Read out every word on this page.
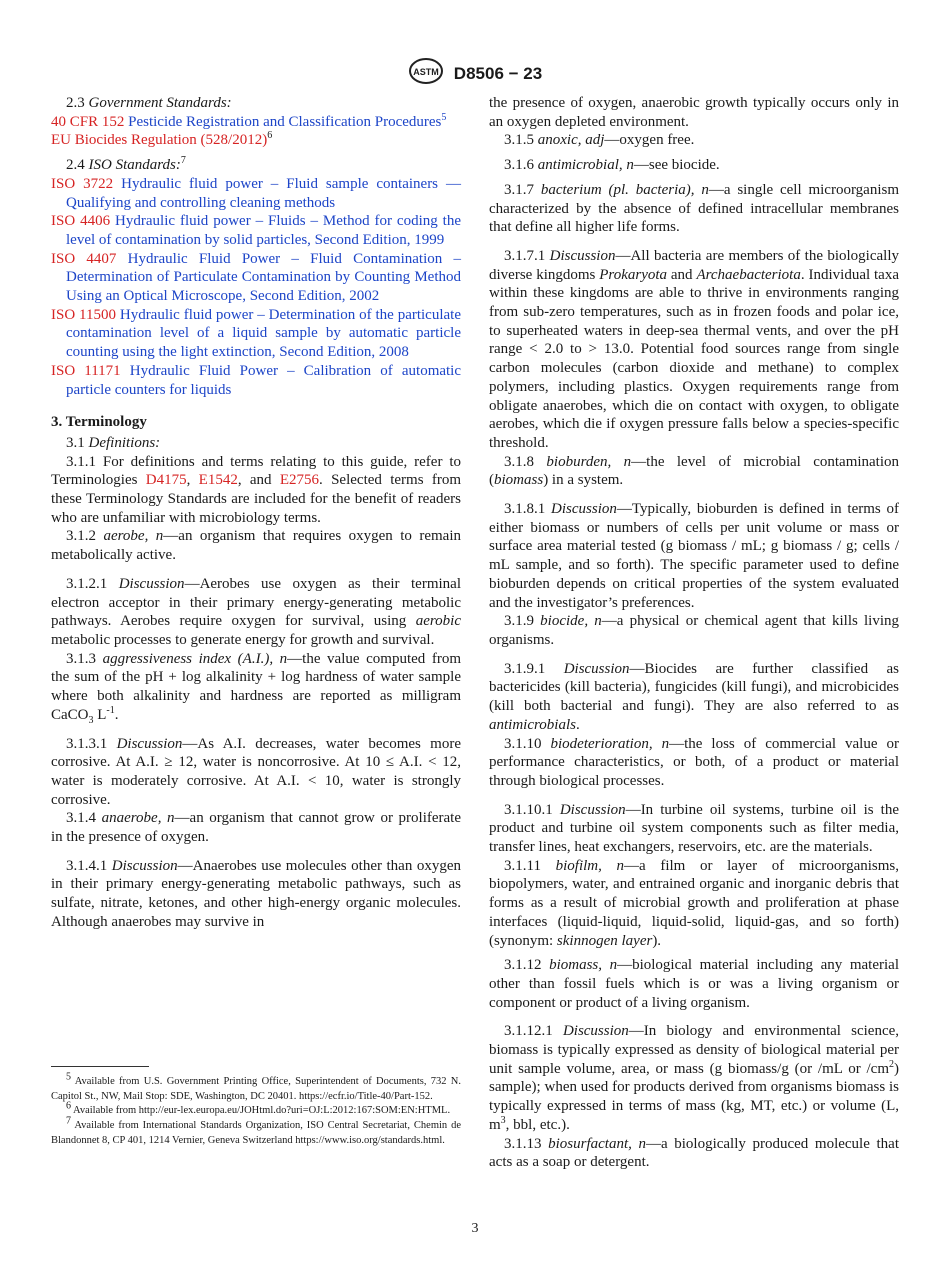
ASTM D8506 − 23

2.3 Government Standards:

40 CFR 152 Pesticide Registration and Classification Procedures$^5$

EU Biocides Regulation $(528/2012)^6$

2.4 ISO Standards:$^7$

ISO 3722 Hydraulic fluid power – Fluid sample containers — Qualifying and controlling cleaning methods

ISO 4406 Hydraulic fluid power – Fluids – Method for coding the level of contamination by solid particles, Second Edition, 1999

ISO 4407 Hydraulic Fluid Power – Fluid Contamination – Determination of Particulate Contamination by Counting Method Using an Optical Microscope, Second Edition, 2002

ISO 11500 Hydraulic fluid power – Determination of the particulate contamination level of a liquid sample by automatic particle counting using the light extinction, Second Edition, 2008

ISO 11171 Hydraulic Fluid Power – Calibration of automatic particle counters for liquids

3. Terminology

3.1 Definitions:

3.1.1 For definitions and terms relating to this guide, refer to Terminologies D4175, E1542, and E2756. Selected terms from these Terminology Standards are included for the benefit of readers who are unfamiliar with microbiology terms.

3.1.2 aerobe, n—an organism that requires oxygen to remain metabolically active.

3.1.2.1 Discussion—Aerobes use oxygen as their terminal electron acceptor in their primary energy-generating metabolic pathways. Aerobes require oxygen for survival, using aerobic metabolic processes to generate energy for growth and survival.

3.1.3 aggressiveness index (A.I.), n—the value computed from the sum of the pH + log alkalinity + log hardness of water sample where both alkalinity and hardness are reported as milligram CaCO$_3$ $L^{-1}$.

3.1.3.1 Discussion—As A.I. decreases, water becomes more corrosive. At A.I. ≥ 12, water is noncorrosive. At 10 ≤ A.I. < 12, water is moderately corrosive. At A.I. < 10, water is strongly corrosive.

3.1.4 anaerobe, n—an organism that cannot grow or proliferate in the presence of oxygen.

3.1.4.1 Discussion—Anaerobes use molecules other than oxygen in their primary energy-generating metabolic pathways, such as sulfate, nitrate, ketones, and other high-energy organic molecules. Although anaerobes may survive in

the presence of oxygen, anaerobic growth typically occurs only in an oxygen depleted environment.

3.1.5 anoxic, adj—oxygen free.

3.1.6 antimicrobial, n—see biocide.

3.1.7 bacterium (pl. bacteria), n—a single cell microorganism characterized by the absence of defined intracellular membranes that define all higher life forms.

3.1.7.1 Discussion—All bacteria are members of the biologically diverse kingdoms Prokaryota and Archaebacteriota. Individual taxa within these kingdoms are able to thrive in environments ranging from sub-zero temperatures, such as in frozen foods and polar ice, to superheated waters in deep-sea thermal vents, and over the pH range < 2.0 to > 13.0. Potential food sources range from single carbon molecules (carbon dioxide and methane) to complex polymers, including plastics. Oxygen requirements range from obligate anaerobes, which die on contact with oxygen, to obligate aerobes, which die if oxygen pressure falls below a species-specific threshold.

3.1.8 bioburden, n—the level of microbial contamination (biomass) in a system.

3.1.8.1 Discussion—Typically, bioburden is defined in terms of either biomass or numbers of cells per unit volume or mass or surface area material tested (g biomass / mL; g biomass / g; cells / mL sample, and so forth). The specific parameter used to define bioburden depends on critical properties of the system evaluated and the investigator’s preferences.

3.1.9 biocide, n—a physical or chemical agent that kills living organisms.

3.1.9.1 Discussion—Biocides are further classified as bactericides (kill bacteria), fungicides (kill fungi), and microbicides (kill both bacterial and fungi). They are also referred to as antimicrobials.

3.1.10 biodeterioration, n—the loss of commercial value or performance characteristics, or both, of a product or material through biological processes.

3.1.10.1 Discussion—In turbine oil systems, turbine oil is the product and turbine oil system components such as filter media, transfer lines, heat exchangers, reservoirs, etc. are the materials.

3.1.11 biofilm, n—a film or layer of microorganisms, biopolymers, water, and entrained organic and inorganic debris that forms as a result of microbial growth and proliferation at phase interfaces (liquid-liquid, liquid-solid, liquid-gas, and so forth) (synonym: skinnogen layer).

3.1.12 biomass, n—biological material including any material other than fossil fuels which is or was a living organism or component or product of a living organism.

3.1.12.1 Discussion—In biology and environmental science, biomass is typically expressed as density of biological material per unit sample volume, area, or mass (g biomass/g (or /mL or $/cm^2$) sample); when used for products derived from organisms biomass is typically expressed in terms of mass (kg, MT, etc.) or volume (L, $m^3$, bbl, etc.).

3.1.13 biosurfactant, n—a biologically produced molecule that acts as a soap or detergent.

$^5$ Available from U.S. Government Printing Office, Superintendent of Documents, 732 N. Capitol St., NW, Mail Stop: SDE, Washington, DC 20401. https://ecfr.io/Title-40/Part-152.

$^6$ Available from http://eur-lex.europa.eu/JOHtml.do?uri=OJ:L:2012:167:SOM:EN:HTML.

$^7$ Available from International Standards Organization, ISO Central Secretariat, Chemin de Blandonnet 8, CP 401, 1214 Vernier, Geneva Switzerland https://www.iso.org/standards.html.

3
